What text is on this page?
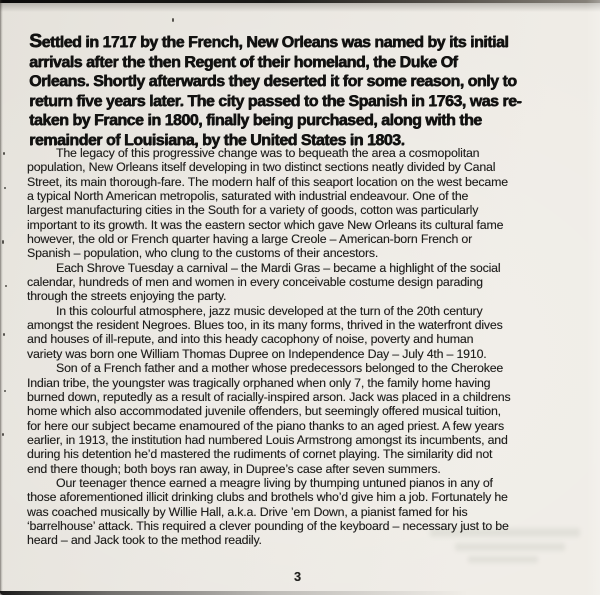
Settled in 1717 by the French, New Orleans was named by its initial
arrivals after the then Regent of their homeland, the Duke Of
Orleans. Shortly afterwards they deserted it for some reason, only to
return five years later. The city passed to the Spanish in 1763, was re-
taken by France in 1800, finally being purchased, along with the
remainder of Louisiana, by the United States in 1803.
The legacy of this progressive change was to bequeath the area a cosmopolitan
population, New Orleans itself developing in two distinct sections neatly divided by Canal
Street, its main thorough-fare. The modern half of this seaport location on the west became
a typical North American metropolis, saturated with industrial endeavour. One of the
largest manufacturing cities in the South for a variety of goods, cotton was particularly
important to its growth. It was the eastern sector which gave New Orleans its cultural fame
however, the old or French quarter having a large Creole – American-born French or
Spanish – population, who clung to the customs of their ancestors.
Each Shrove Tuesday a carnival – the Mardi Gras – became a highlight of the social
calendar, hundreds of men and women in every conceivable costume design parading
through the streets enjoying the party.
In this colourful atmosphere, jazz music developed at the turn of the 20th century
amongst the resident Negroes. Blues too, in its many forms, thrived in the waterfront dives
and houses of ill-repute, and into this heady cacophony of noise, poverty and human
variety was born one William Thomas Dupree on Independence Day – July 4th – 1910.
Son of a French father and a mother whose predecessors belonged to the Cherokee
Indian tribe, the youngster was tragically orphaned when only 7, the family home having
burned down, reputedly as a result of racially-inspired arson. Jack was placed in a childrens
home which also accommodated juvenile offenders, but seemingly offered musical tuition,
for here our subject became enamoured of the piano thanks to an aged priest. A few years
earlier, in 1913, the institution had numbered Louis Armstrong amongst its incumbents, and
during his detention he’d mastered the rudiments of cornet playing. The similarity did not
end there though; both boys ran away, in Dupree’s case after seven summers.
Our teenager thence earned a meagre living by thumping untuned pianos in any of
those aforementioned illicit drinking clubs and brothels who’d give him a job. Fortunately he
was coached musically by Willie Hall, a.k.a. Drive ’em Down, a pianist famed for his
‘barrelhouse’ attack. This required a clever pounding of the keyboard – necessary just to be
heard – and Jack took to the method readily.
3
